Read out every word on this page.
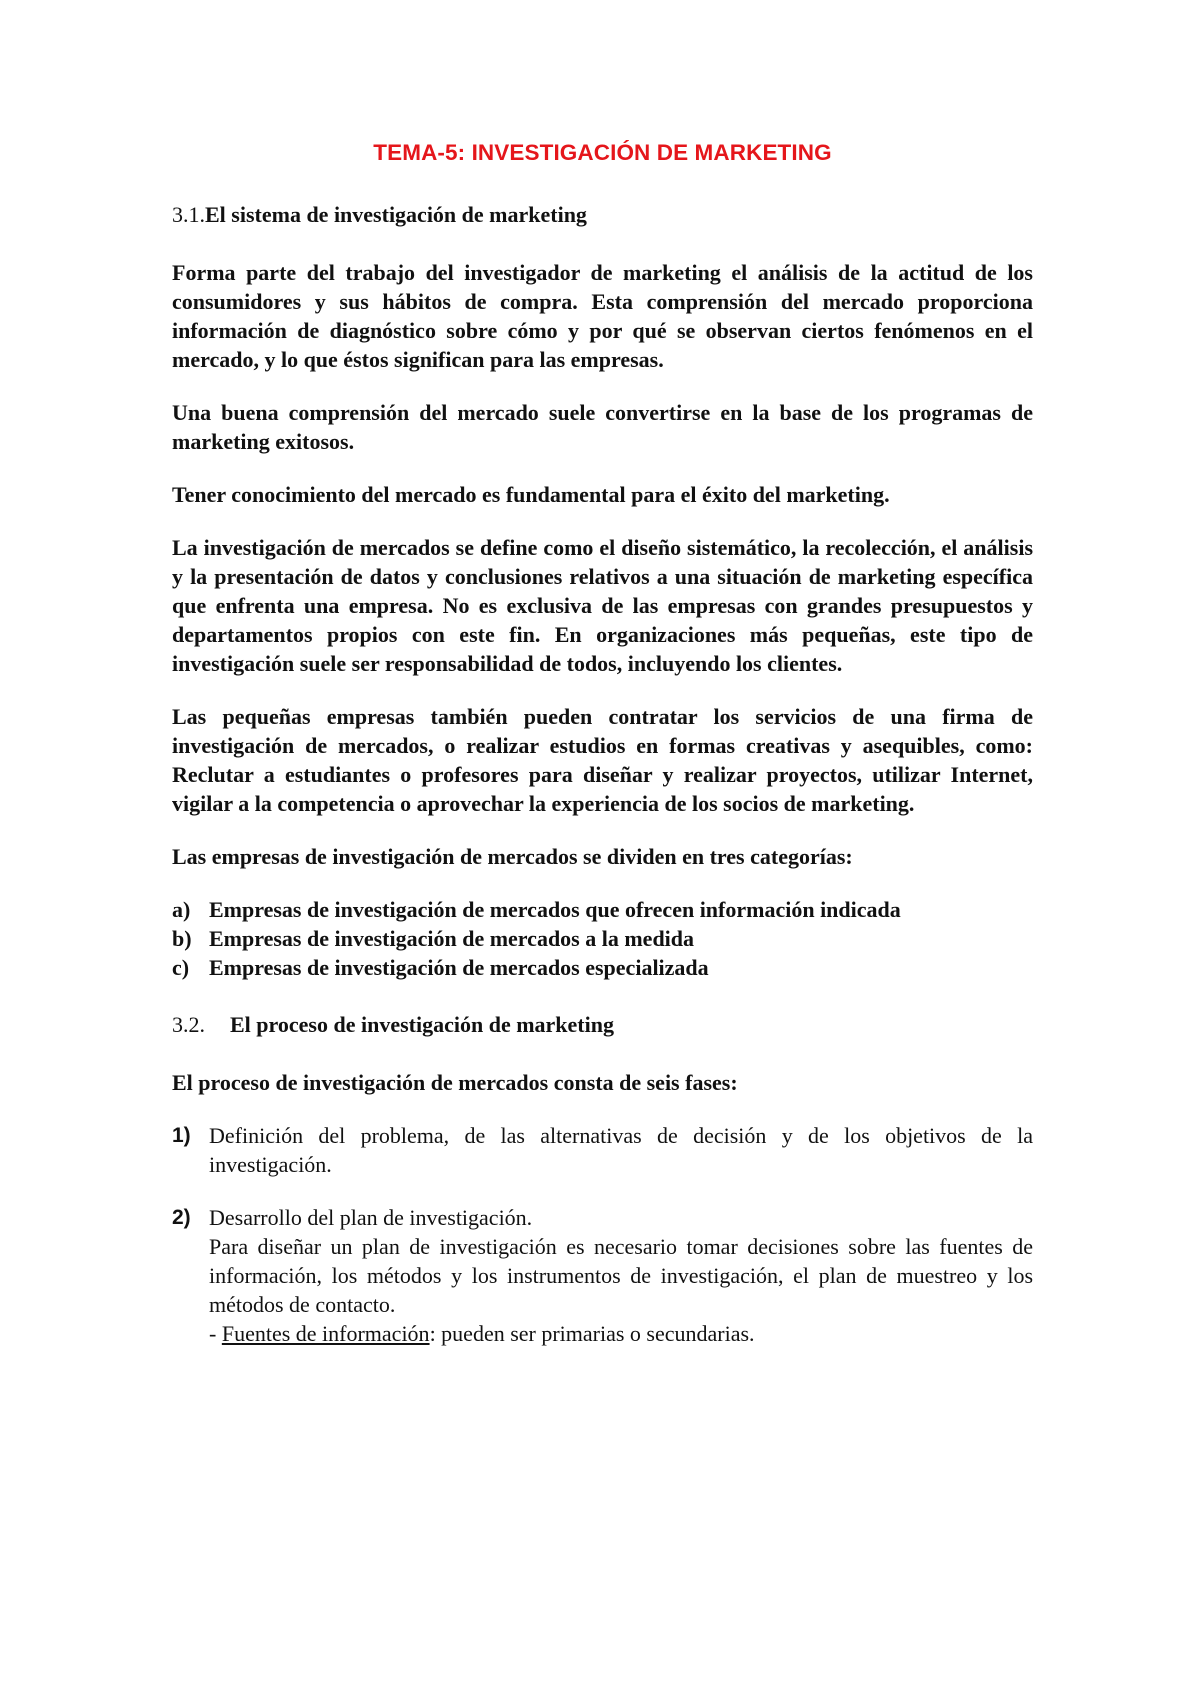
TEMA-5: INVESTIGACIÓN DE MARKETING
3.1.El sistema de investigación de marketing

Forma parte del trabajo del investigador de marketing el análisis de la actitud de los consumidores y sus hábitos de compra. Esta comprensión del mercado proporciona información de diagnóstico sobre cómo y por qué se observan ciertos fenómenos en el mercado, y lo que éstos significan para las empresas.

Una buena comprensión del mercado suele convertirse en la base de los programas de marketing exitosos.

Tener conocimiento del mercado es fundamental para el éxito del marketing.

La investigación de mercados se define como el diseño sistemático, la recolección, el análisis y la presentación de datos y conclusiones relativos a una situación de marketing específica que enfrenta una empresa. No es exclusiva de las empresas con grandes presupuestos y departamentos propios con este fin. En organizaciones más pequeñas, este tipo de investigación suele ser responsabilidad de todos, incluyendo los clientes.

Las pequeñas empresas también pueden contratar los servicios de una firma de investigación de mercados, o realizar estudios en formas creativas y asequibles, como: Reclutar a estudiantes o profesores para diseñar y realizar proyectos, utilizar Internet, vigilar a la competencia o aprovechar la experiencia de los socios de marketing.

Las empresas de investigación de mercados se dividen en tres categorías:

a) Empresas de investigación de mercados que ofrecen información indicada
b) Empresas de investigación de mercados a la medida
c) Empresas de investigación de mercados especializada
3.2. El proceso de investigación de marketing

El proceso de investigación de mercados consta de seis fases:

1) Definición del problema, de las alternativas de decisión y de los objetivos de la investigación.
2) Desarrollo del plan de investigación.
Para diseñar un plan de investigación es necesario tomar decisiones sobre las fuentes de información, los métodos y los instrumentos de investigación, el plan de muestreo y los métodos de contacto.
- Fuentes de información: pueden ser primarias o secundarias.
